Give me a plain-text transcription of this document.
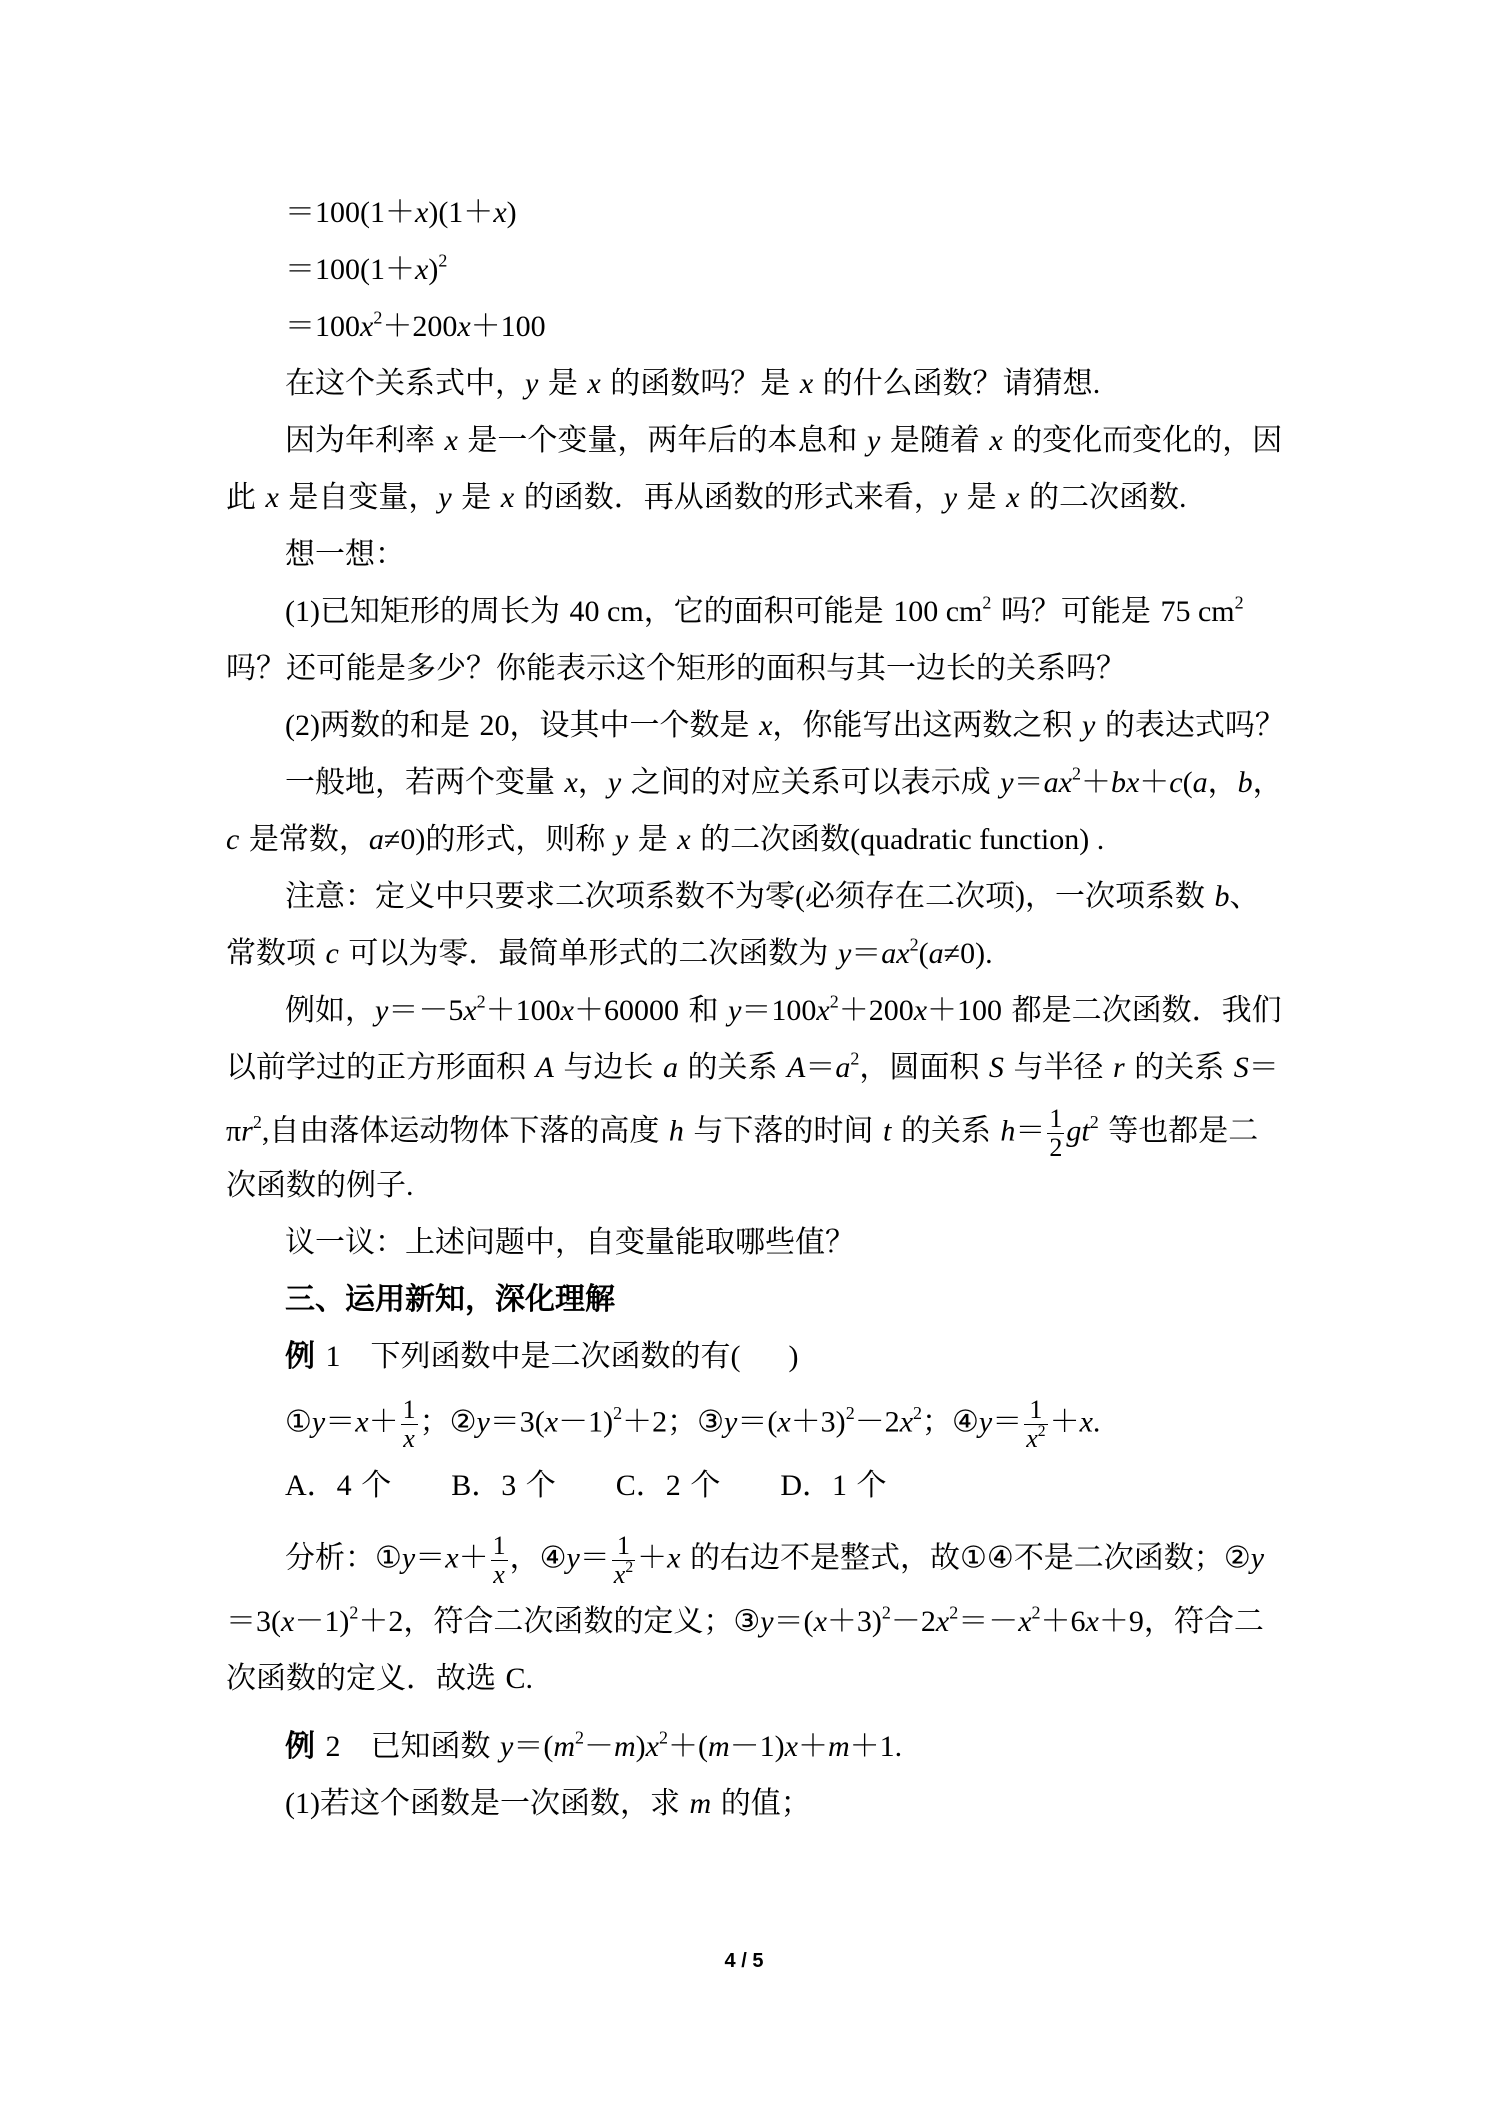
＝100(1＋x)(1＋x)
$=100(1+x)^2$
$=100x^2+200x+100$
在这个关系式中，y 是 x 的函数吗？是 x 的什么函数？请猜想.
因为年利率 x 是一个变量，两年后的本息和 y 是随着 x 的变化而变化的，因
此 x 是自变量，y 是 x 的函数．再从函数的形式来看，y 是 x 的二次函数.
想一想：
(1)已知矩形的周长为 40 cm，它的面积可能是 100 $cm^2$ 吗？可能是 75 $cm^2$
吗？还可能是多少？你能表示这个矩形的面积与其一边长的关系吗？
(2)两数的和是 20，设其中一个数是 x，你能写出这两数之积 y 的表达式吗？
一般地，若两个变量 x，y 之间的对应关系可以表示成 $y=ax^2+bx+c(a$，b，
c 是常数，a≠0)的形式，则称 y 是 x 的二次函数(quadratic function) .
注意：定义中只要求二次项系数不为零(必须存在二次项)，一次项系数 b、
常数项 c 可以为零．最简单形式的二次函数为 $y=ax^2(a\ne 0)$.
例如，$y=-5x^2+100x+60000$ 和 $y=100x^2+200x+100$ 都是二次函数．我们
以前学过的正方形面积 A 与边长 a 的关系 $A=a^2$，圆面积 S 与半径 r 的关系 S＝
$\pi r^2$,自由落体运动物体下落的高度 h 与下落的时间 t 的关系 $h= \frac{1}{2} gt^2$ 等也都是二
次函数的例子.
议一议：上述问题中，自变量能取哪些值？
三、运用新知，深化理解
例 1　下列函数中是二次函数的有( )
①y＝x＋ $\frac{1}{x}$ ；$②y=3(x-1)^2+2$；$③y=(x+3)^2-2x^2$；④y＝ $\frac{1}{x^2} +x$.
A．4 个　　B．3 个　　C．2 个　　D．1 个
分析：①y＝x＋ $\frac{1}{x}$ ，④y＝ $\frac{1}{x^2} +x$ 的右边不是整式，故①④不是二次函数；②y
$=3(x-1)^2+2$，符合二次函数的定义；$③y=(x+3)^2-2x^2=-x^2+6x+9$，符合二
次函数的定义．故选 C.
例 2　已知函数 $y=(m^2-m)x^2+(m-1)x+m+1$.
(1)若这个函数是一次函数，求 m 的值；
4 / 5
